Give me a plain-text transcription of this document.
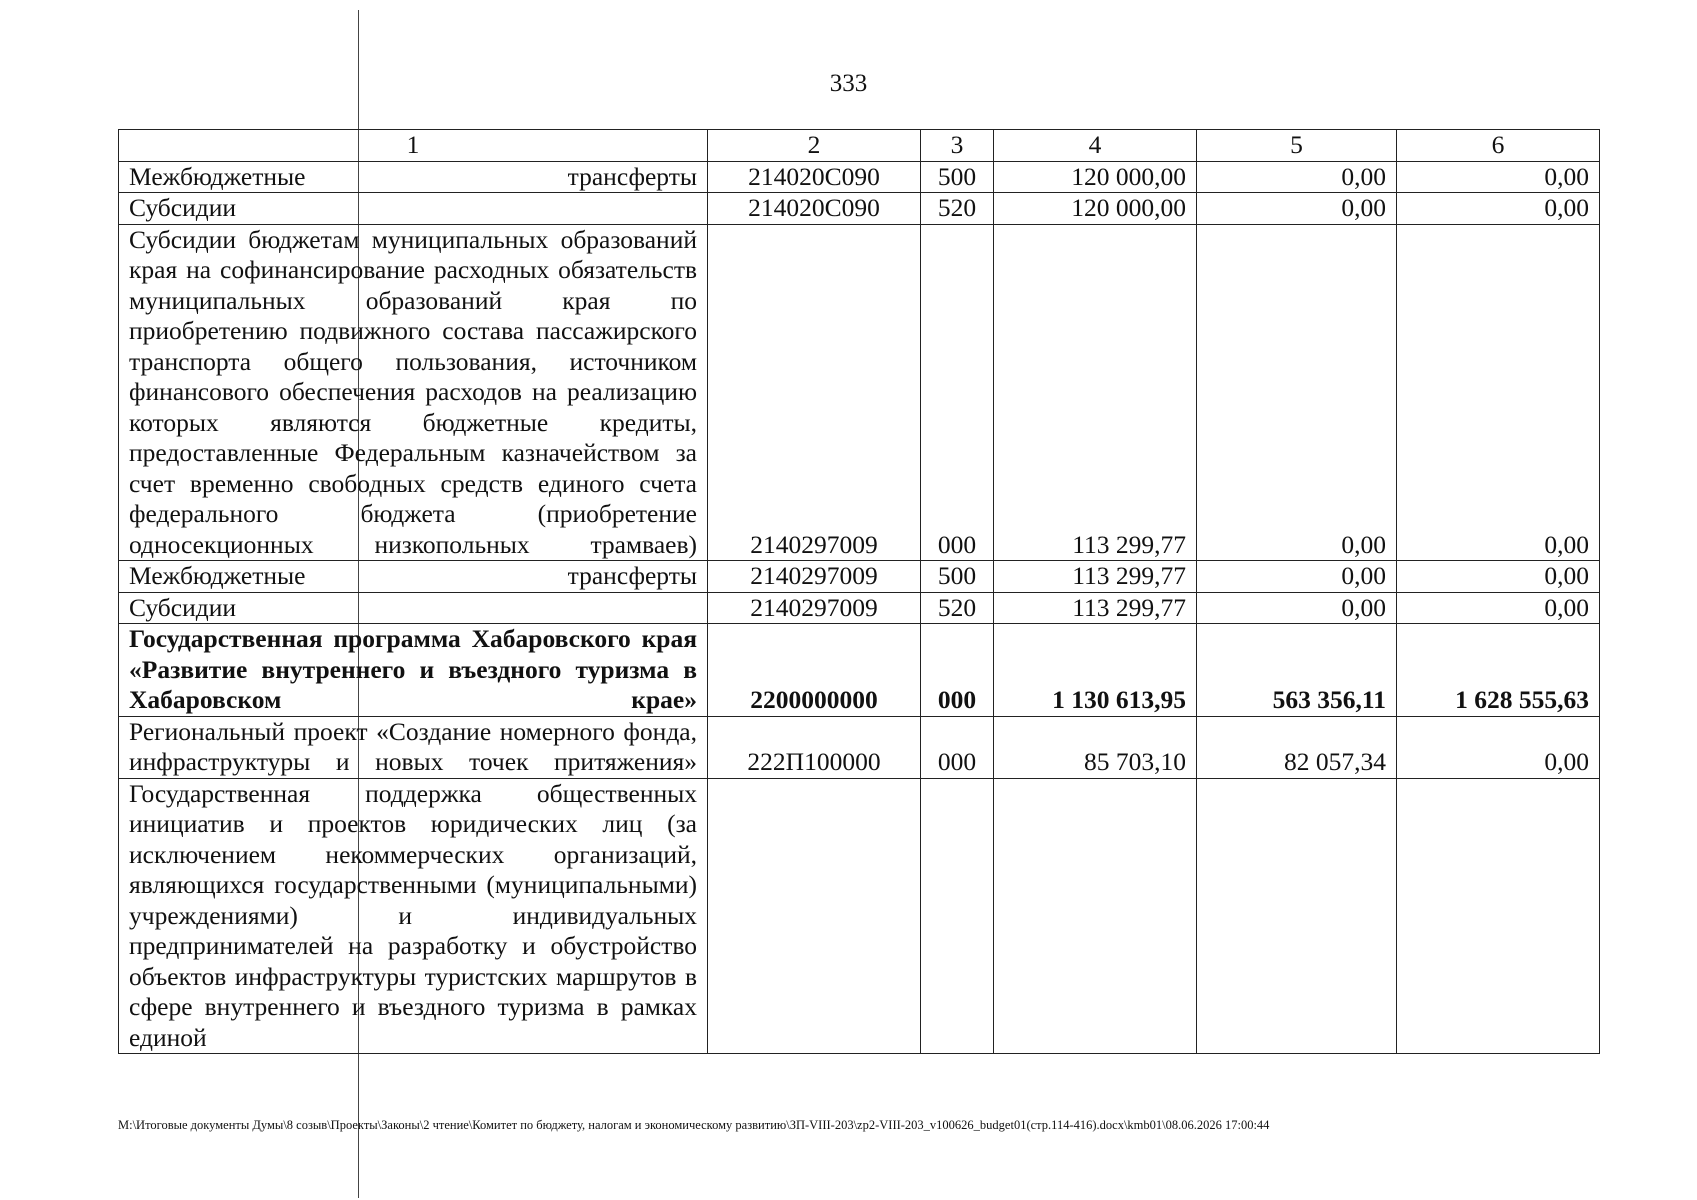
333
1	2	3	4	5	6
Межбюджетные трансферты	214020С090	500	120 000,00	0,00	0,00
Субсидии	214020С090	520	120 000,00	0,00	0,00
Субсидии бюджетам муниципальных образований края на софинансирование расходных обязательств муниципальных образований края по приобретению подвижного состава пассажирского транспорта общего пользования, источником финансового обеспечения расходов на реализацию которых являются бюджетные кредиты, предоставленные Федеральным казначейством за счет временно свободных средств единого счета федерального бюджета (приобретение односекционных низкопольных трамваев)	2140297009	000	113 299,77	0,00	0,00
Межбюджетные трансферты	2140297009	500	113 299,77	0,00	0,00
Субсидии	2140297009	520	113 299,77	0,00	0,00
Государственная программа Хабаровского края «Развитие внутреннего и въездного туризма в Хабаровском крае»	2200000000	000	1 130 613,95	563 356,11	1 628 555,63
Региональный проект «Создание номерного фонда, инфраструктуры и новых точек притяжения»	222П100000	000	85 703,10	82 057,34	0,00
Государственная поддержка общественных инициатив и проектов юридических лиц (за исключением некоммерческих организаций, являющихся государственными (муниципальными) учреждениями) и индивидуальных предпринимателей на разработку и обустройство объектов инфраструктуры туристских маршрутов в сфере внутреннего и въездного туризма в рамках единой					
М:\Итоговые документы Думы\8 созыв\Проекты\Законы\2 чтение\Комитет по бюджету, налогам и экономическому развитию\ЗП-VIII-203\zp2-VIII-203_v100626_budget01(стр.114-416).docx\kmb01\08.06.2026 17:00:44
